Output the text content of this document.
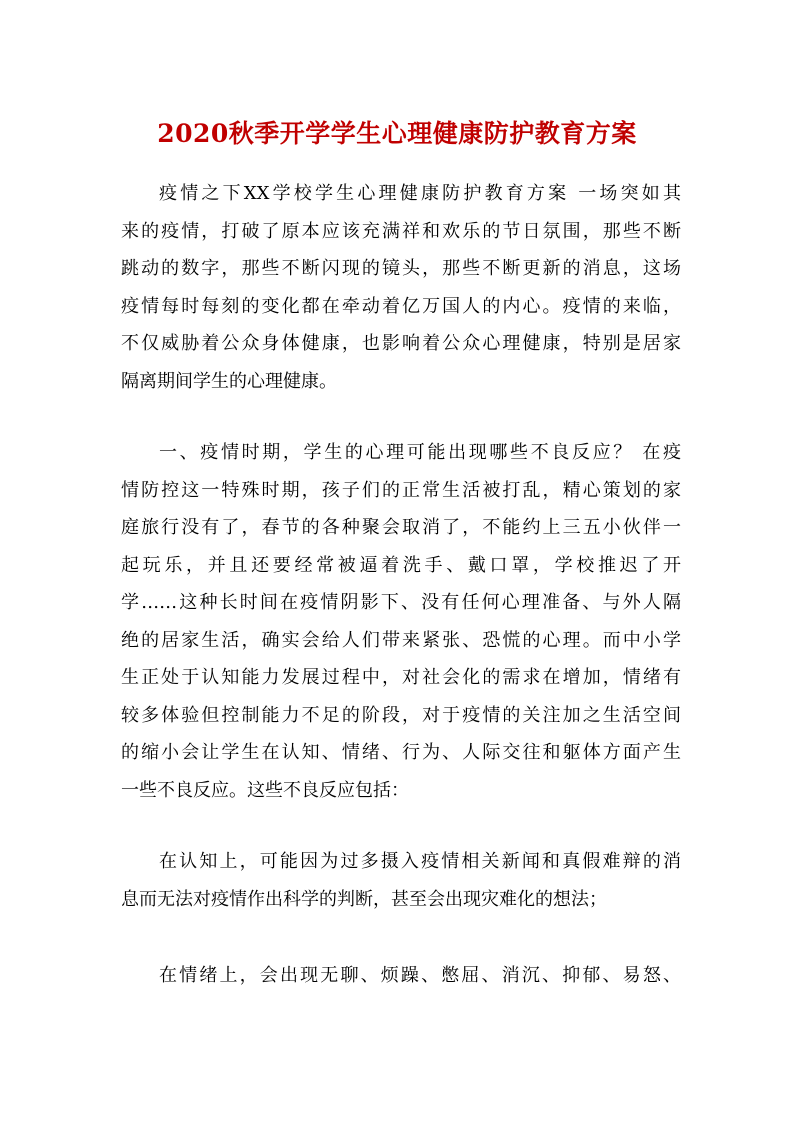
2020秋季开学学生心理健康防护教育方案
疫情之下XX学校学生心理健康防护教育方案 一场突如其
来的疫情，打破了原本应该充满祥和欢乐的节日氛围，那些不断
跳动的数字，那些不断闪现的镜头，那些不断更新的消息，这场
疫情每时每刻的变化都在牵动着亿万国人的内心。疫情的来临，
不仅威胁着公众身体健康，也影响着公众心理健康，特别是居家
隔离期间学生的心理健康。
一、疫情时期，学生的心理可能出现哪些不良反应？ 在疫
情防控这一特殊时期，孩子们的正常生活被打乱，精心策划的家
庭旅行没有了，春节的各种聚会取消了，不能约上三五小伙伴一
起玩乐，并且还要经常被逼着洗手、戴口罩，学校推迟了开
学……这种长时间在疫情阴影下、没有任何心理准备、与外人隔
绝的居家生活，确实会给人们带来紧张、恐慌的心理。而中小学
生正处于认知能力发展过程中，对社会化的需求在增加，情绪有
较多体验但控制能力不足的阶段，对于疫情的关注加之生活空间
的缩小会让学生在认知、情绪、行为、人际交往和躯体方面产生
一些不良反应。这些不良反应包括：
在认知上，可能因为过多摄入疫情相关新闻和真假难辩的消
息而无法对疫情作出科学的判断，甚至会出现灾难化的想法；
在情绪上，会出现无聊、烦躁、憋屈、消沉、抑郁、易怒、
